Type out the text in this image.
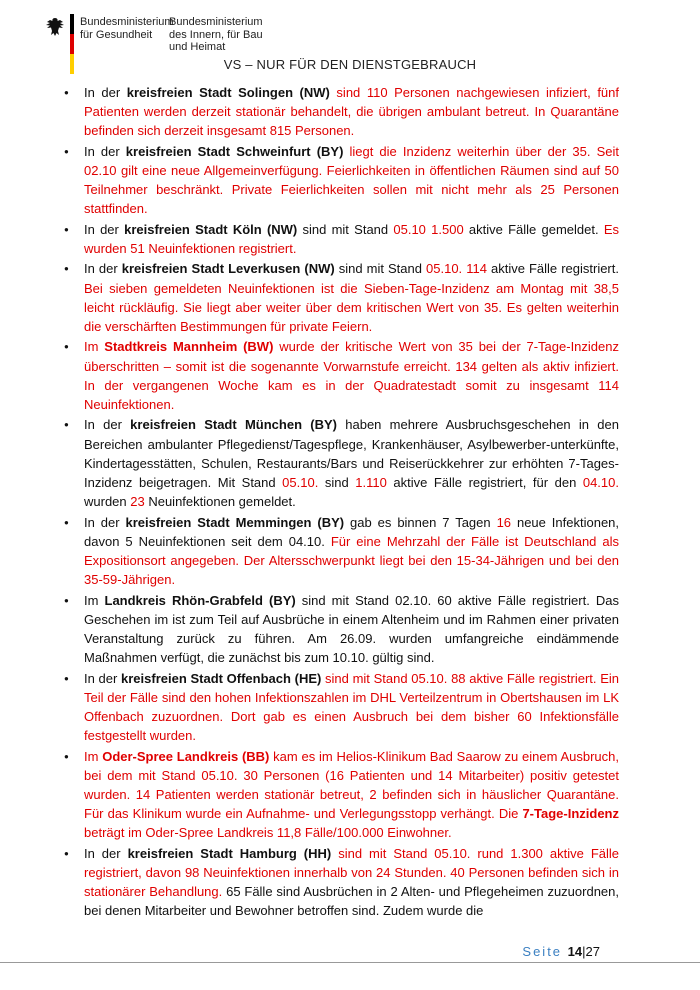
Bundesministerium
für Gesundheit
Bundesministerium
des Innern, für Bau
und Heimat
VS – NUR FÜR DEN DIENSTGEBRAUCH
● In der kreisfreien Stadt Solingen (NW) sind 110 Personen nachgewiesen infiziert, fünf Patienten werden derzeit stationär behandelt, die übrigen ambulant betreut. In Quarantäne befinden sich derzeit insgesamt 815 Personen.
● In der kreisfreien Stadt Schweinfurt (BY) liegt die Inzidenz weiterhin über der 35. Seit 02.10 gilt eine neue Allgemeinverfügung. Feierlichkeiten in öffentlichen Räumen sind auf 50 Teilnehmer beschränkt. Private Feierlichkeiten sollen mit nicht mehr als 25 Personen stattfinden.
● In der kreisfreien Stadt Köln (NW) sind mit Stand 05.10 1.500 aktive Fälle gemeldet. Es wurden 51 Neuinfektionen registriert.
● In der kreisfreien Stadt Leverkusen (NW) sind mit Stand 05.10. 114 aktive Fälle registriert. Bei sieben gemeldeten Neuinfektionen ist die Sieben-Tage-Inzidenz am Montag mit 38,5 leicht rückläufig. Sie liegt aber weiter über dem kritischen Wert von 35. Es gelten weiterhin die verschärften Bestimmungen für private Feiern.
● Im Stadtkreis Mannheim (BW) wurde der kritische Wert von 35 bei der 7-Tage-Inzidenz überschritten – somit ist die sogenannte Vorwarnstufe erreicht. 134 gelten als aktiv infiziert. In der vergangenen Woche kam es in der Quadratestadt somit zu insgesamt 114 Neuinfektionen.
● In der kreisfreien Stadt München (BY) haben mehrere Ausbruchsgeschehen in den Bereichen ambulanter Pflegedienst/Tagespflege, Krankenhäuser, Asylbewerber-unterkünfte, Kindertagesstätten, Schulen, Restaurants/Bars und Reiserückkehrer zur erhöhten 7-Tages-Inzidenz beigetragen. Mit Stand 05.10. sind 1.110 aktive Fälle registriert, für den 04.10. wurden 23 Neuinfektionen gemeldet.
● In der kreisfreien Stadt Memmingen (BY) gab es binnen 7 Tagen 16 neue Infektionen, davon 5 Neuinfektionen seit dem 04.10. Für eine Mehrzahl der Fälle ist Deutschland als Expositionsort angegeben. Der Altersschwerpunkt liegt bei den 15-34-Jährigen und bei den 35-59-Jährigen.
● Im Landkreis Rhön-Grabfeld (BY) sind mit Stand 02.10. 60 aktive Fälle registriert. Das Geschehen im ist zum Teil auf Ausbrüche in einem Altenheim und im Rahmen einer privaten Veranstaltung zurück zu führen. Am 26.09. wurden umfangreiche eindämmende Maßnahmen verfügt, die zunächst bis zum 10.10. gültig sind.
● In der kreisfreien Stadt Offenbach (HE) sind mit Stand 05.10. 88 aktive Fälle registriert. Ein Teil der Fälle sind den hohen Infektionszahlen im DHL Verteilzentrum in Obertshausen im LK Offenbach zuzuordnen. Dort gab es einen Ausbruch bei dem bisher 60 Infektionsfälle festgestellt wurden.
● Im Oder-Spree Landkreis (BB) kam es im Helios-Klinikum Bad Saarow zu einem Ausbruch, bei dem mit Stand 05.10. 30 Personen (16 Patienten und 14 Mitarbeiter) positiv getestet wurden. 14 Patienten werden stationär betreut, 2 befinden sich in häuslicher Quarantäne. Für das Klinikum wurde ein Aufnahme- und Verlegungsstopp verhängt. Die 7-Tage-Inzidenz beträgt im Oder-Spree Landkreis 11,8 Fälle/100.000 Einwohner.
● In der kreisfreien Stadt Hamburg (HH) sind mit Stand 05.10. rund 1.300 aktive Fälle registriert, davon 98 Neuinfektionen innerhalb von 24 Stunden. 40 Personen befinden sich in stationärer Behandlung. 65 Fälle sind Ausbrüchen in 2 Alten- und Pflegeheimen zuzuordnen, bei denen Mitarbeiter und Bewohner betroffen sind. Zudem wurde die
Seite 14|27
